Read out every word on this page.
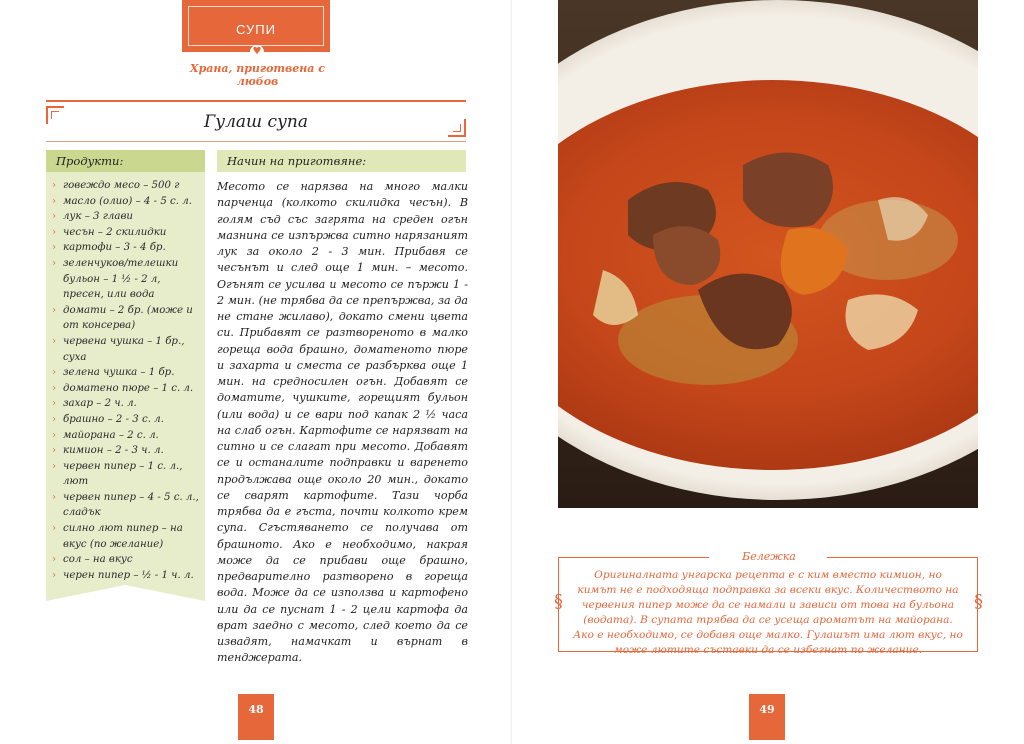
СУПИ
♥
Храна, приготвена с любов
Гулаш супа
Продукти:
› говеждо месо – 500 г
› масло (олио) – 4 - 5 с. л.
› лук – 3 глави
› чесън – 2 скилидки
› картофи – 3 - 4 бр.
› зеленчуков/телешки бульон – 1 ½ - 2 л, пресен, или вода
› домати – 2 бр. (може и от консерва)
› червена чушка – 1 бр., суха
› зелена чушка – 1 бр.
› доматено пюре – 1 с. л.
› захар – 2 ч. л.
› брашно – 2 - 3 с. л.
› майорана – 2 с. л.
› кимион – 2 - 3 ч. л.
› червен пипер – 1 с. л., лют
› червен пипер – 4 - 5 с. л., сладък
› силно лют пипер – на вкус (по желание)
› сол – на вкус
› черен пипер – ½ - 1 ч. л.
Начин на приготвяне:
Месото се нарязва на много малки парченца (колкото скилидка чесън). В голям съд със загрята на среден огън мазнина се изпържва ситно нарязаният лук за около 2 - 3 мин. Прибавя се чесънът и след още 1 мин. – месото. Огънят се усилва и месото се пържи 1 - 2 мин. (не трябва да се препържва, за да не стане жилаво), докато смени цвета си. Прибавят се разтвореното в малко гореща вода брашно, доматеното пюре и захарта и сместа се разбърква още 1 мин. на средносилен огън. Добавят се доматите, чушките, горещият бульон (или вода) и се вари под капак 2 ½ часа на слаб огън. Картофите се нарязват на ситно и се слагат при месото. Добавят се и останалите подправки и варенето продължава още около 20 мин., докато се сварят картофите. Тази чорба трябва да е гъста, почти колкото крем супа. Сгъстяването се получава от брашното. Ако е необходимо, накрая може да се прибави още брашно, предварително разтворено в гореща вода. Може да се използва и картофено или да се пуснат 1 - 2 цели картофа да врат заедно с месото, след което да се извадят, намачкат и върнат в тенджерата.
48
Бележка
§	§
Оригиналната унгарска рецепта е с ким вместо кимион, но кимът не е подходяща подправка за всеки вкус. Количеството на червения пипер може да се намали и зависи от това на бульона (водата). В супата трябва да се усеща ароматът на майорана. Ако е необходимо, се добавя още малко. Гулашът има лют вкус, но може лютите съставки да се избегнат по желание.
49
